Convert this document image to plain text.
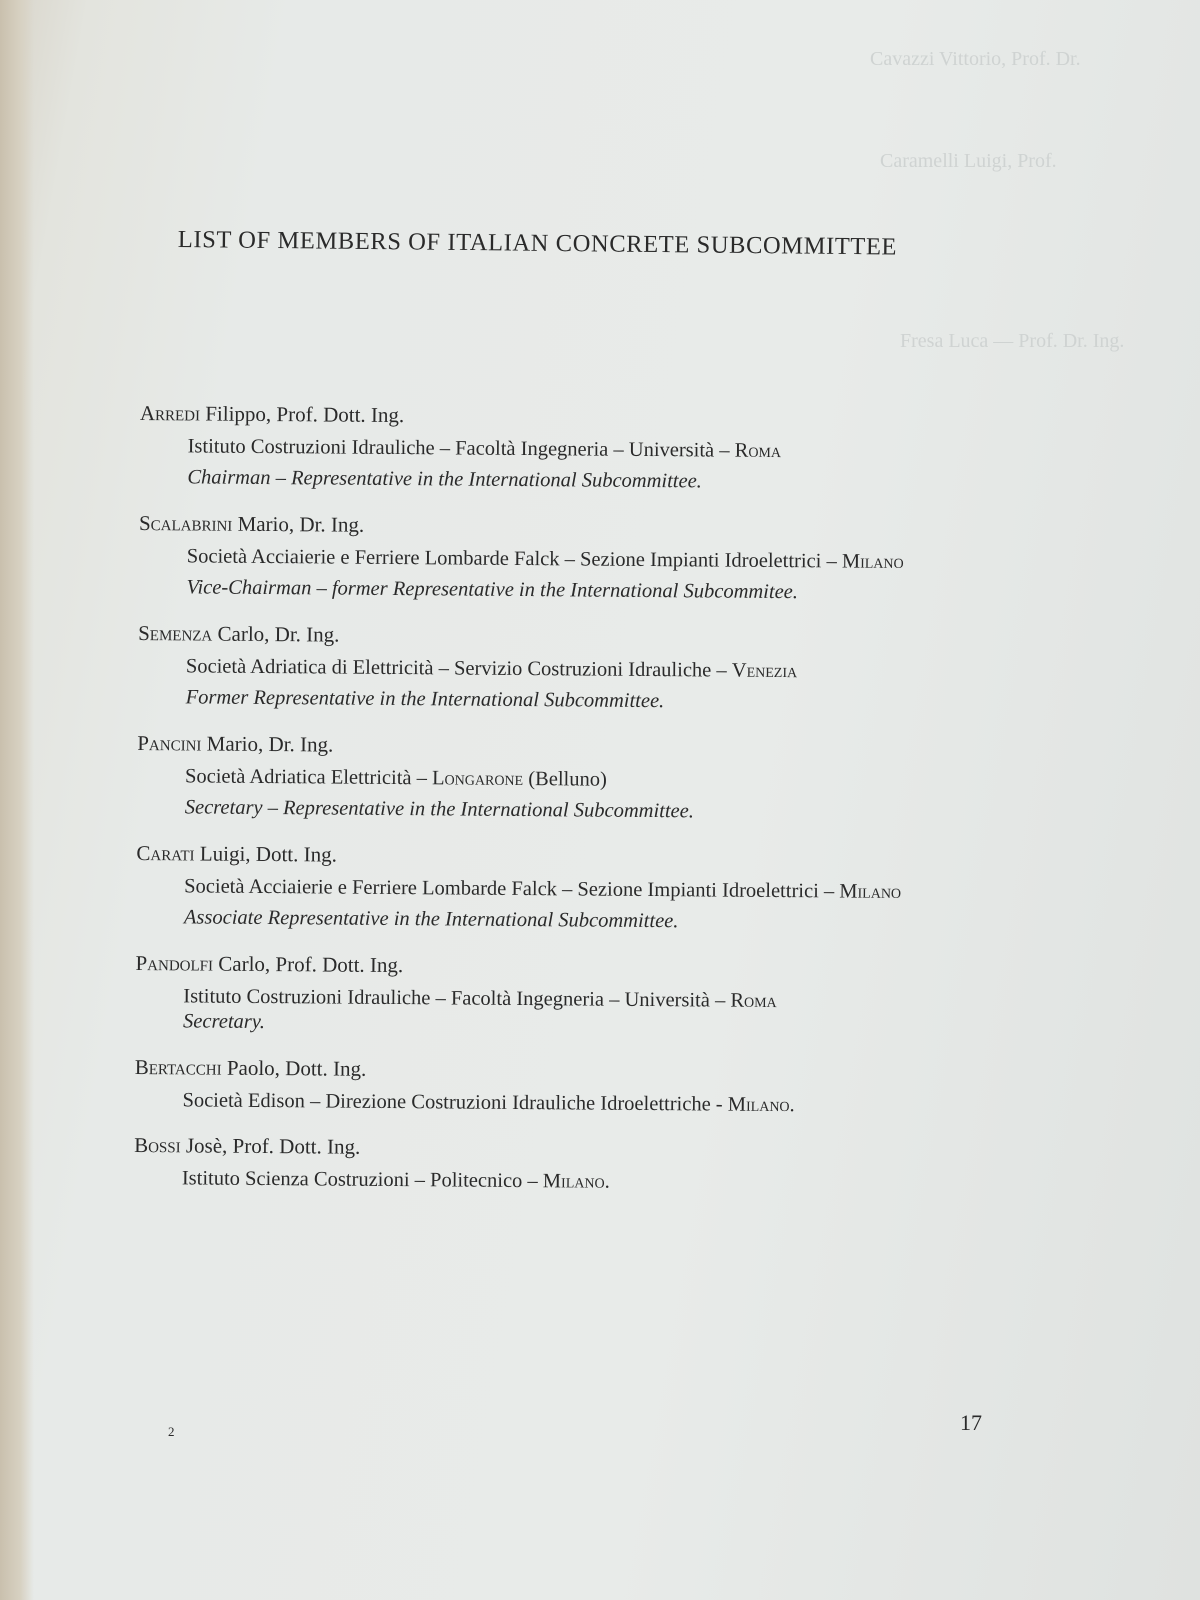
Cavazzi Vittorio, Prof. Dr.
Caramelli Luigi, Prof.
Fresa Luca — Prof. Dr. Ing.
LIST OF MEMBERS OF ITALIAN CONCRETE SUBCOMMITTEE
Arredi Filippo, Prof. Dott. Ing.
Istituto Costruzioni Idrauliche – Facoltà Ingegneria – Università – Roma
Chairman – Representative in the International Subcommittee.
Scalabrini Mario, Dr. Ing.
Società Acciaierie e Ferriere Lombarde Falck – Sezione Impianti Idroelettrici – Milano
Vice-Chairman – former Representative in the International Subcommitee.
Semenza Carlo, Dr. Ing.
Società Adriatica di Elettricità – Servizio Costruzioni Idrauliche – Venezia
Former Representative in the International Subcommittee.
Pancini Mario, Dr. Ing.
Società Adriatica Elettricità – Longarone (Belluno)
Secretary – Representative in the International Subcommittee.
Carati Luigi, Dott. Ing.
Società Acciaierie e Ferriere Lombarde Falck – Sezione Impianti Idroelettrici – Milano
Associate Representative in the International Subcommittee.
Pandolfi Carlo, Prof. Dott. Ing.
Istituto Costruzioni Idrauliche – Facoltà Ingegneria – Università – Roma
Secretary.
Bertacchi Paolo, Dott. Ing.
Società Edison – Direzione Costruzioni Idrauliche Idroelettriche - Milano.
Bossi Josè, Prof. Dott. Ing.
Istituto Scienza Costruzioni – Politecnico – Milano.
2	17
